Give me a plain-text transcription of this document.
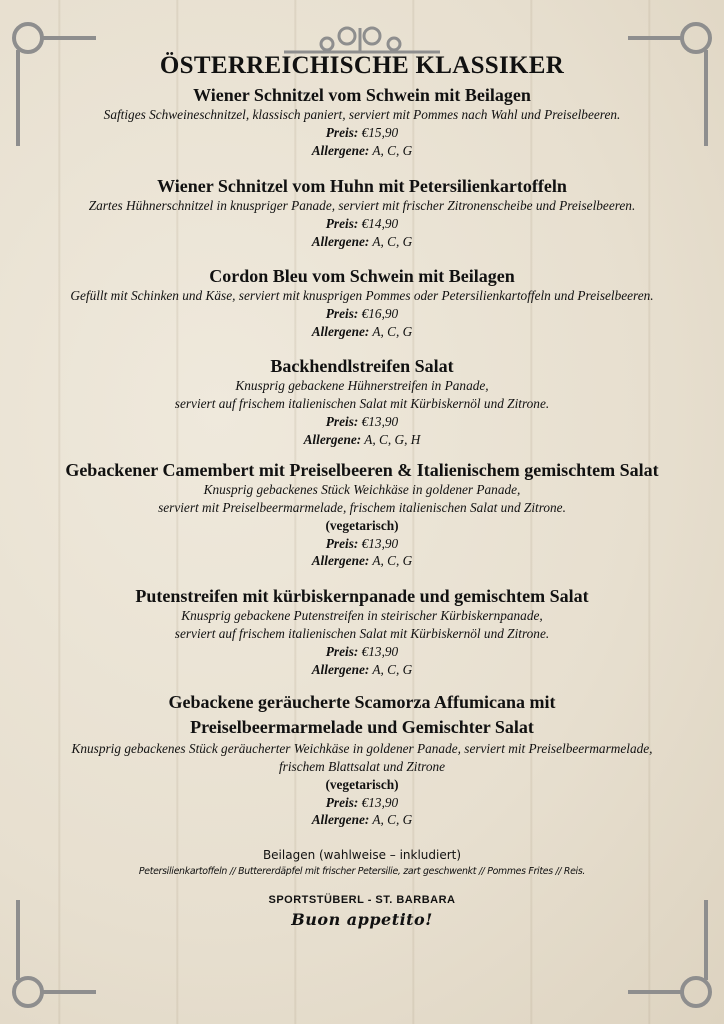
ÖSTERREICHISCHE KLASSIKER
Wiener Schnitzel vom Schwein mit Beilagen
Saftiges Schweineschnitzel, klassisch paniert, serviert mit Pommes nach Wahl und Preiselbeeren.
Preis: €15,90
Allergene: A, C, G
Wiener Schnitzel vom Huhn mit Petersilienkartoffeln
Zartes Hühnerschnitzel in knuspriger Panade, serviert mit frischer Zitronenscheibe und Preiselbeeren.
Preis: €14,90
Allergene: A, C, G
Cordon Bleu vom Schwein mit Beilagen
Gefüllt mit Schinken und Käse, serviert mit knusprigen Pommes oder Petersilienkartoffeln und Preiselbeeren.
Preis: €16,90
Allergene: A, C, G
Backhendlstreifen Salat
Knusprig gebackene Hühnerstreifen in Panade,
serviert auf frischem italienischen Salat mit Kürbiskernöl und Zitrone.
Preis: €13,90
Allergene: A, C, G, H
Gebackener Camembert mit Preiselbeeren & Italienischem gemischtem Salat
Knusprig gebackenes Stück Weichkäse in goldener Panade,
serviert mit Preiselbeermarmelade, frischem italienischen Salat und Zitrone.
(vegetarisch)
Preis: €13,90
Allergene: A, C, G
Putenstreifen mit kürbiskernpanade und gemischtem Salat
Knusprig gebackene Putenstreifen in steirischer Kürbiskernpanade,
serviert auf frischem italienischen Salat mit Kürbiskernöl und Zitrone.
Preis: €13,90
Allergene: A, C, G
Gebackene geräucherte Scamorza Affumicana mit
Preiselbeermarmelade und Gemischter Salat
Knusprig gebackenes Stück geräucherter Weichkäse in goldener Panade, serviert mit Preiselbeermarmelade,
frischem Blattsalat und Zitrone
(vegetarisch)
Preis: €13,90
Allergene: A, C, G
Beilagen (wahlweise – inkludiert)
Petersilienkartoffeln // Buttererdäpfel mit frischer Petersilie, zart geschwenkt // Pommes Frites // Reis.
SPORTSTÜBERL - ST. BARBARA
Buon appetito!
